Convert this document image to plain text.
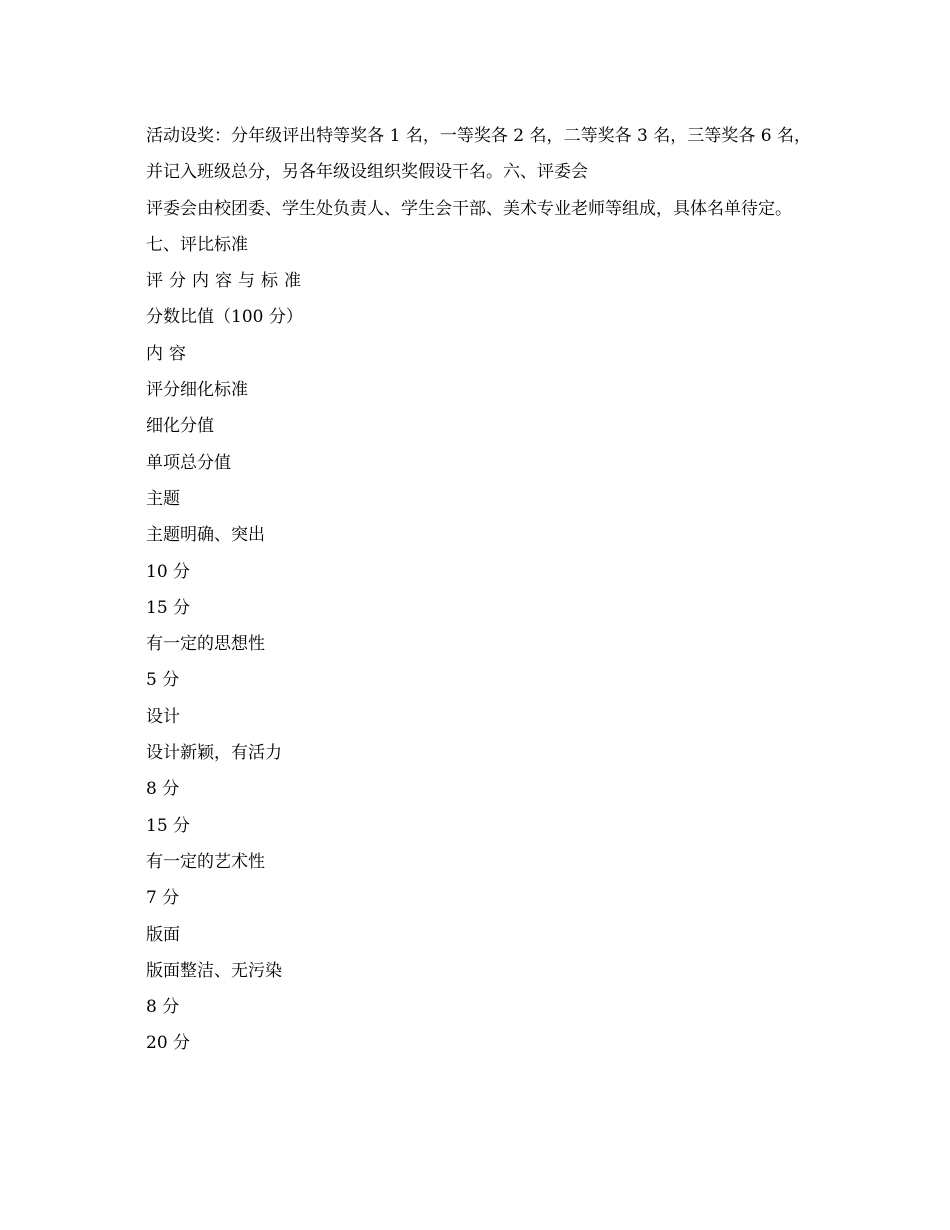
活动设奖：分年级评出特等奖各 1 名，一等奖各 2 名，二等奖各 3 名，三等奖各 6 名，并记入班级总分，另各年级设组织奖假设干名。六、评委会

评委会由校团委、学生处负责人、学生会干部、美术专业老师等组成，具体名单待定。

七、评比标准
评分内容与标准
分数比值（100 分）
内容
评分细化标准
细化分值
单项总分值
主题
主题明确、突出
10 分
15 分
有一定的思想性
5 分
设计
设计新颖，有活力
8 分
15 分
有一定的艺术性
7 分
版面
版面整洁、无污染
8 分
20 分
